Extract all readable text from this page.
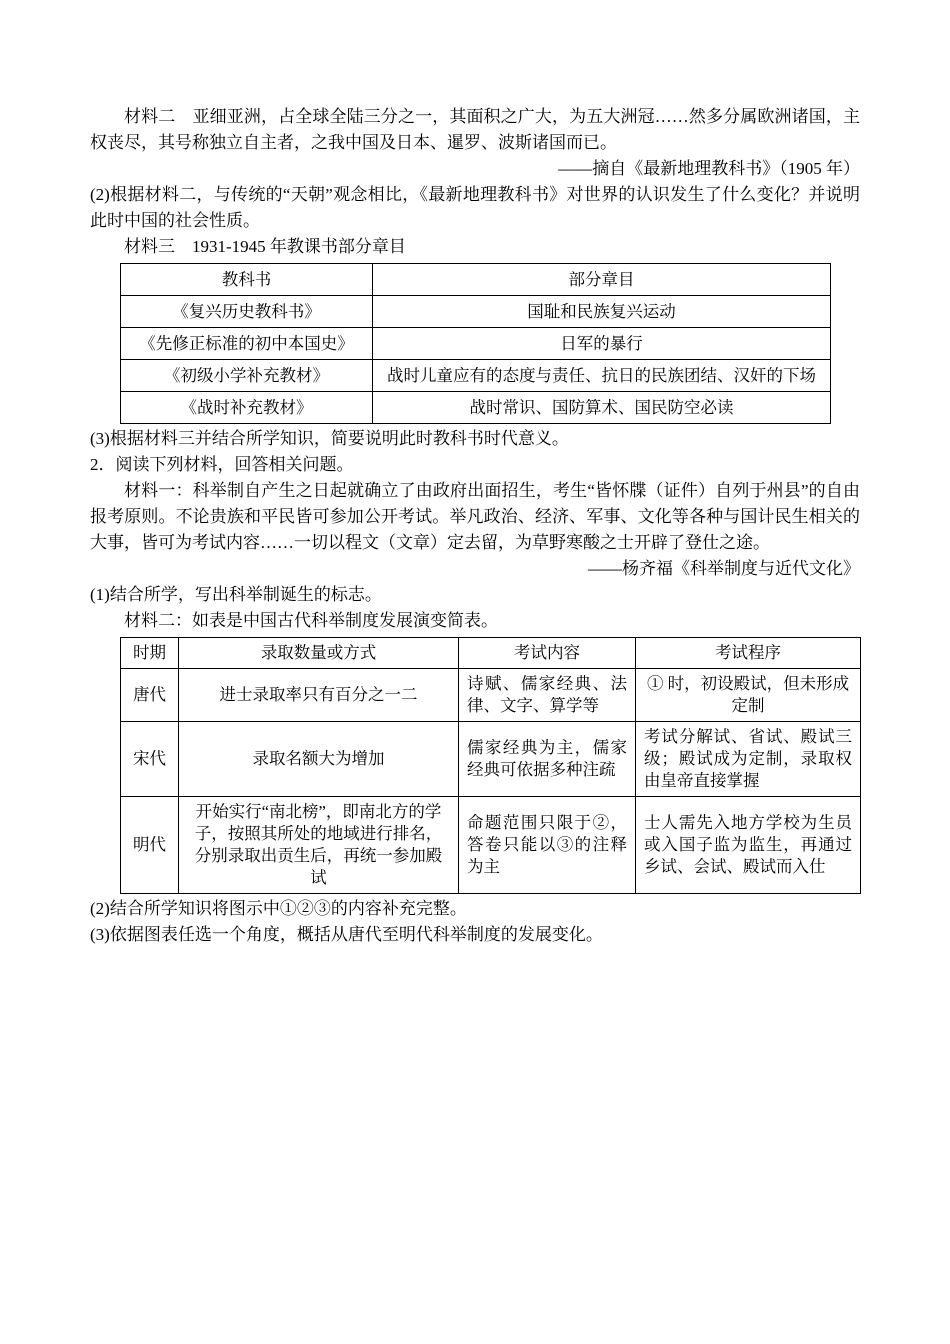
材料二　亚细亚洲，占全球全陆三分之一，其面积之广大，为五大洲冠……然多分属欧洲诸国，主权丧尽，其号称独立自主者，之我中国及日本、暹罗、波斯诸国而已。

——摘自《最新地理教科书》（1905 年）

(2)根据材料二，与传统的“天朝”观念相比，《最新地理教科书》对世界的认识发生了什么变化？并说明此时中国的社会性质。

材料三　1931-1945 年教课书部分章目

教科书	部分章目
《复兴历史教科书》	国耻和民族复兴运动
《先修正标准的初中本国史》	日军的暴行
《初级小学补充教材》	战时儿童应有的态度与责任、抗日的民族团结、汉奸的下场
《战时补充教材》	战时常识、国防算术、国民防空必读

(3)根据材料三并结合所学知识，简要说明此时教科书时代意义。

2．阅读下列材料，回答相关问题。

材料一：科举制自产生之日起就确立了由政府出面招生，考生“皆怀牒（证件）自列于州县”的自由报考原则。不论贵族和平民皆可参加公开考试。举凡政治、经济、军事、文化等各种与国计民生相关的大事，皆可为考试内容……一切以程文（文章）定去留，为草野寒酸之士开辟了登仕之途。

——杨齐福《科举制度与近代文化》

(1)结合所学，写出科举制诞生的标志。

材料二：如表是中国古代科举制度发展演变简表。

时期	录取数量或方式	考试内容	考试程序
唐代	进士录取率只有百分之一二	诗赋、儒家经典、法律、文字、算学等	① 时，初设殿试，但未形成定制
宋代	录取名额大为增加	儒家经典为主，儒家经典可依据多种注疏	考试分解试、省试、殿试三级；殿试成为定制，录取权由皇帝直接掌握
明代	开始实行“南北榜”，即南北方的学子，按照其所处的地域进行排名，分别录取出贡生后，再统一参加殿试	命题范围只限于②，答卷只能以③的注释为主	士人需先入地方学校为生员或入国子监为监生，再通过乡试、会试、殿试而入仕

(2)结合所学知识将图示中①②③的内容补充完整。

(3)依据图表任选一个角度，概括从唐代至明代科举制度的发展变化。
